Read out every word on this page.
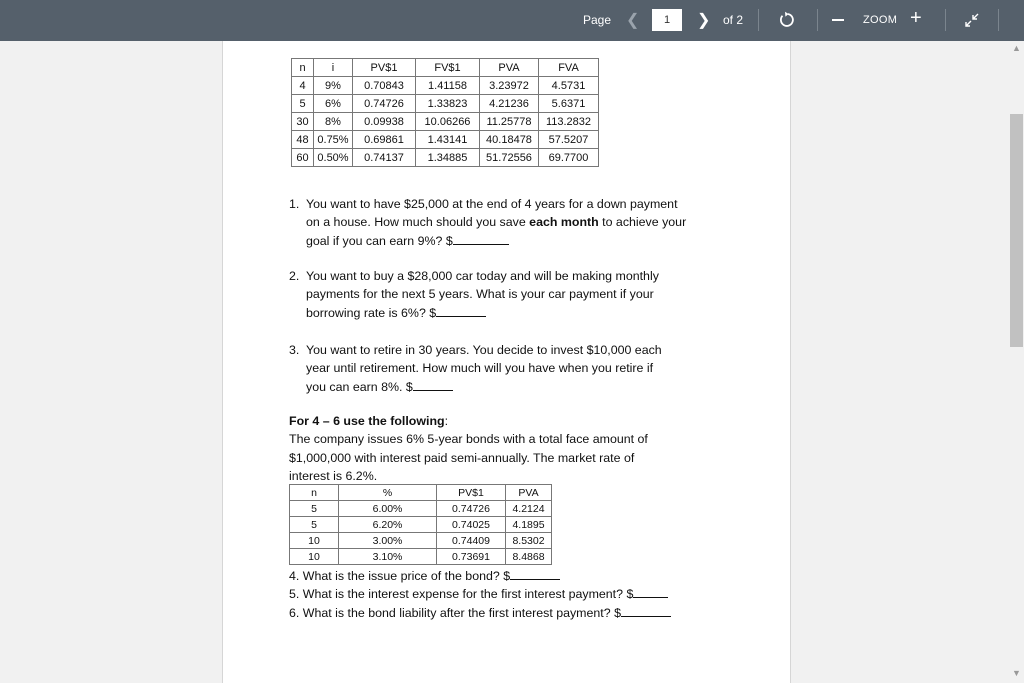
Page ❮
1	❯ of 2	ZOOM +
n	i	PV$1	FV$1	PVA	FVA
4	9%	0.70843	1.41158	3.23972	4.5731
5	6%	0.74726	1.33823	4.21236	5.6371
30	8%	0.09938	10.06266	11.25778	113.2832
48	0.75%	0.69861	1.43141	40.18478	57.5207
60	0.50%	0.74137	1.34885	51.72556	69.7700
1. You want to have $25,000 at the end of 4 years for a down payment
on a house. How much should you save each month to achieve your
goal if you can earn 9%? $
2. You want to buy a $28,000 car today and will be making monthly
payments for the next 5 years. What is your car payment if your
borrowing rate is 6%? $
3. You want to retire in 30 years. You decide to invest $10,000 each
year until retirement. How much will you have when you retire if
you can earn 8%. $
For 4 – 6 use the following:
The company issues 6% 5-year bonds with a total face amount of
$1,000,000 with interest paid semi-annually. The market rate of
interest is 6.2%.
n	%	PV$1	PVA
5	6.00%	0.74726	4.2124
5	6.20%	0.74025	4.1895
10	3.00%	0.74409	8.5302
10	3.10%	0.73691	8.4868
4. What is the issue price of the bond? $
5. What is the interest expense for the first interest payment? $
6. What is the bond liability after the first interest payment? $
▲
▼
